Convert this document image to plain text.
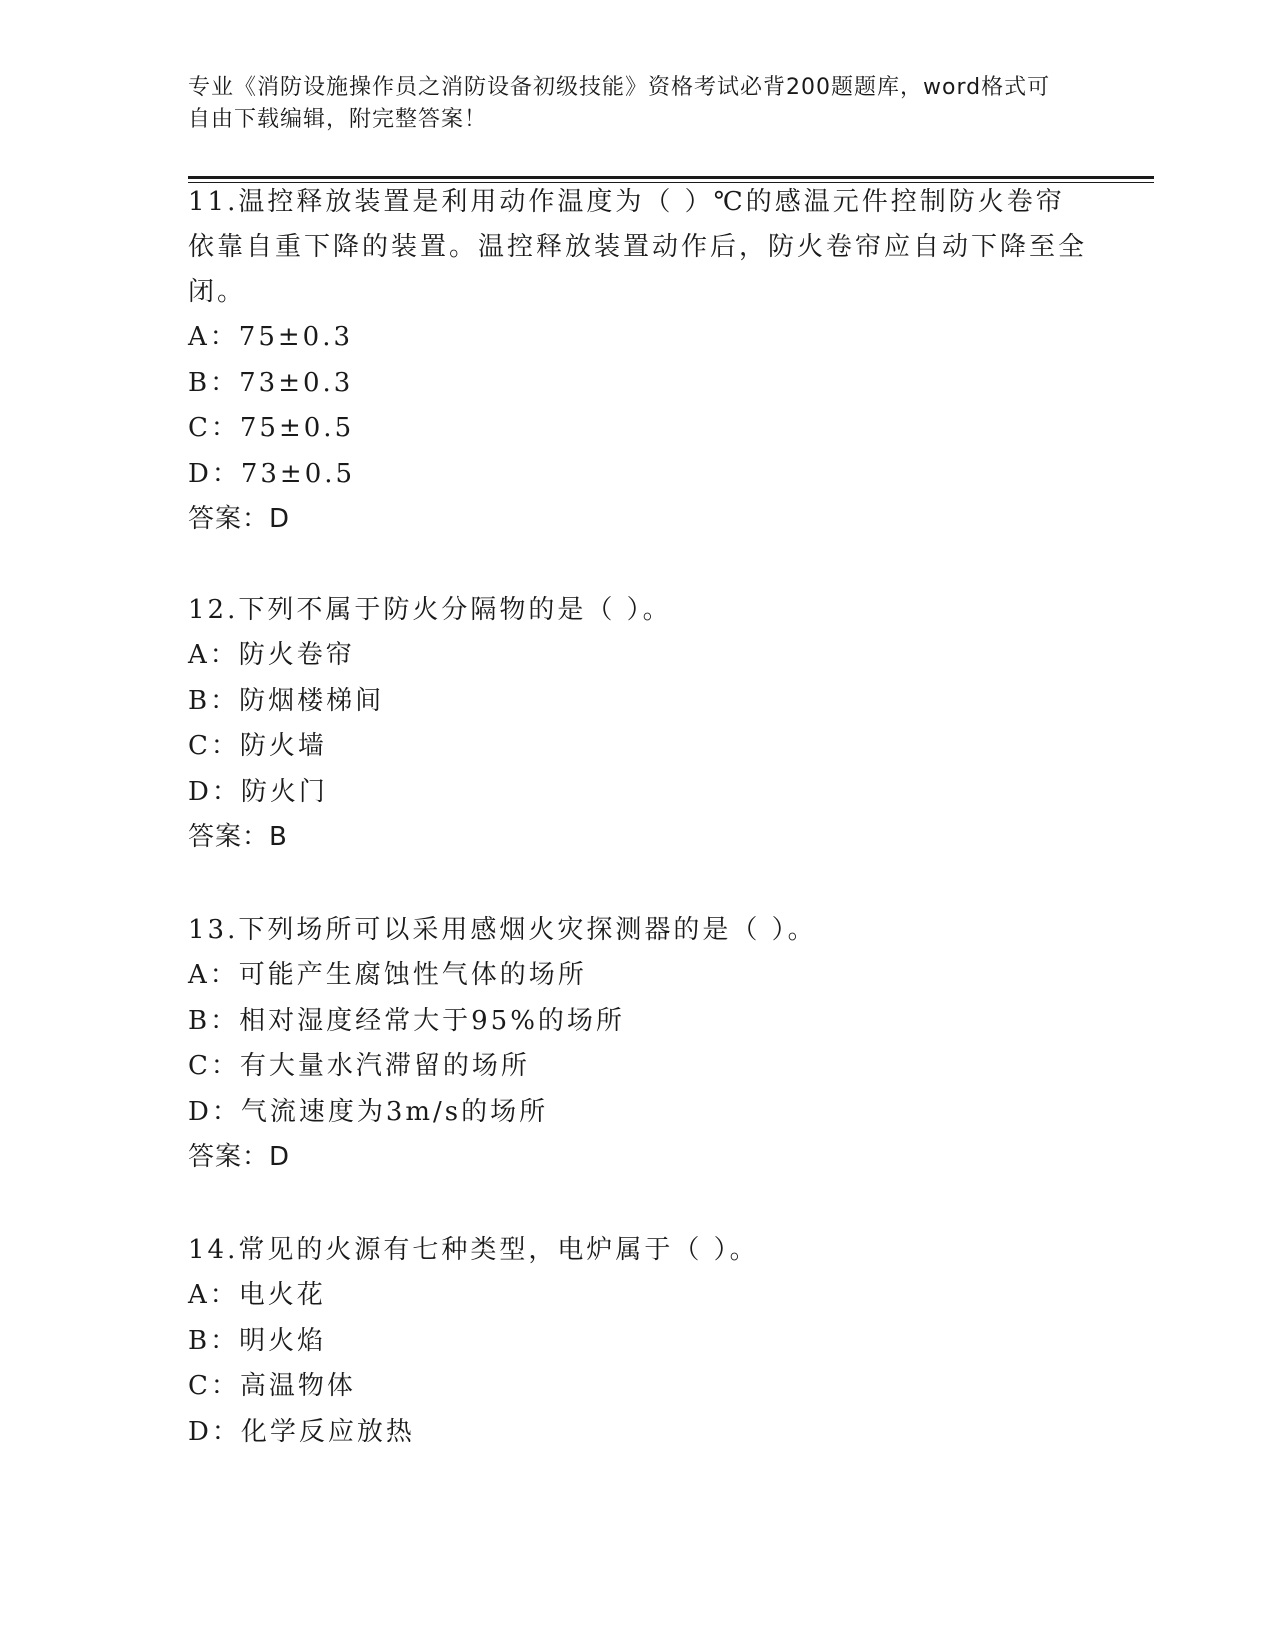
专业《消防设施操作员之消防设备初级技能》资格考试必背200题题库，word格式可自由下载编辑，附完整答案！

11.温控释放装置是利用动作温度为（ ）℃的感温元件控制防火卷帘依靠自重下降的装置。温控释放装置动作后，防火卷帘应自动下降至全闭。

A：75±0.3

B：73±0.3

C：75±0.5

D：73±0.5

答案：D

12.下列不属于防火分隔物的是（ ）。

A：防火卷帘

B：防烟楼梯间

C：防火墙

D：防火门

答案：B

13.下列场所可以采用感烟火灾探测器的是（ ）。

A：可能产生腐蚀性气体的场所

B：相对湿度经常大于95%的场所

C：有大量水汽滞留的场所

D：气流速度为3m/s的场所

答案：D

14.常见的火源有七种类型，电炉属于（ ）。

A：电火花

B：明火焰

C：高温物体

D：化学反应放热
